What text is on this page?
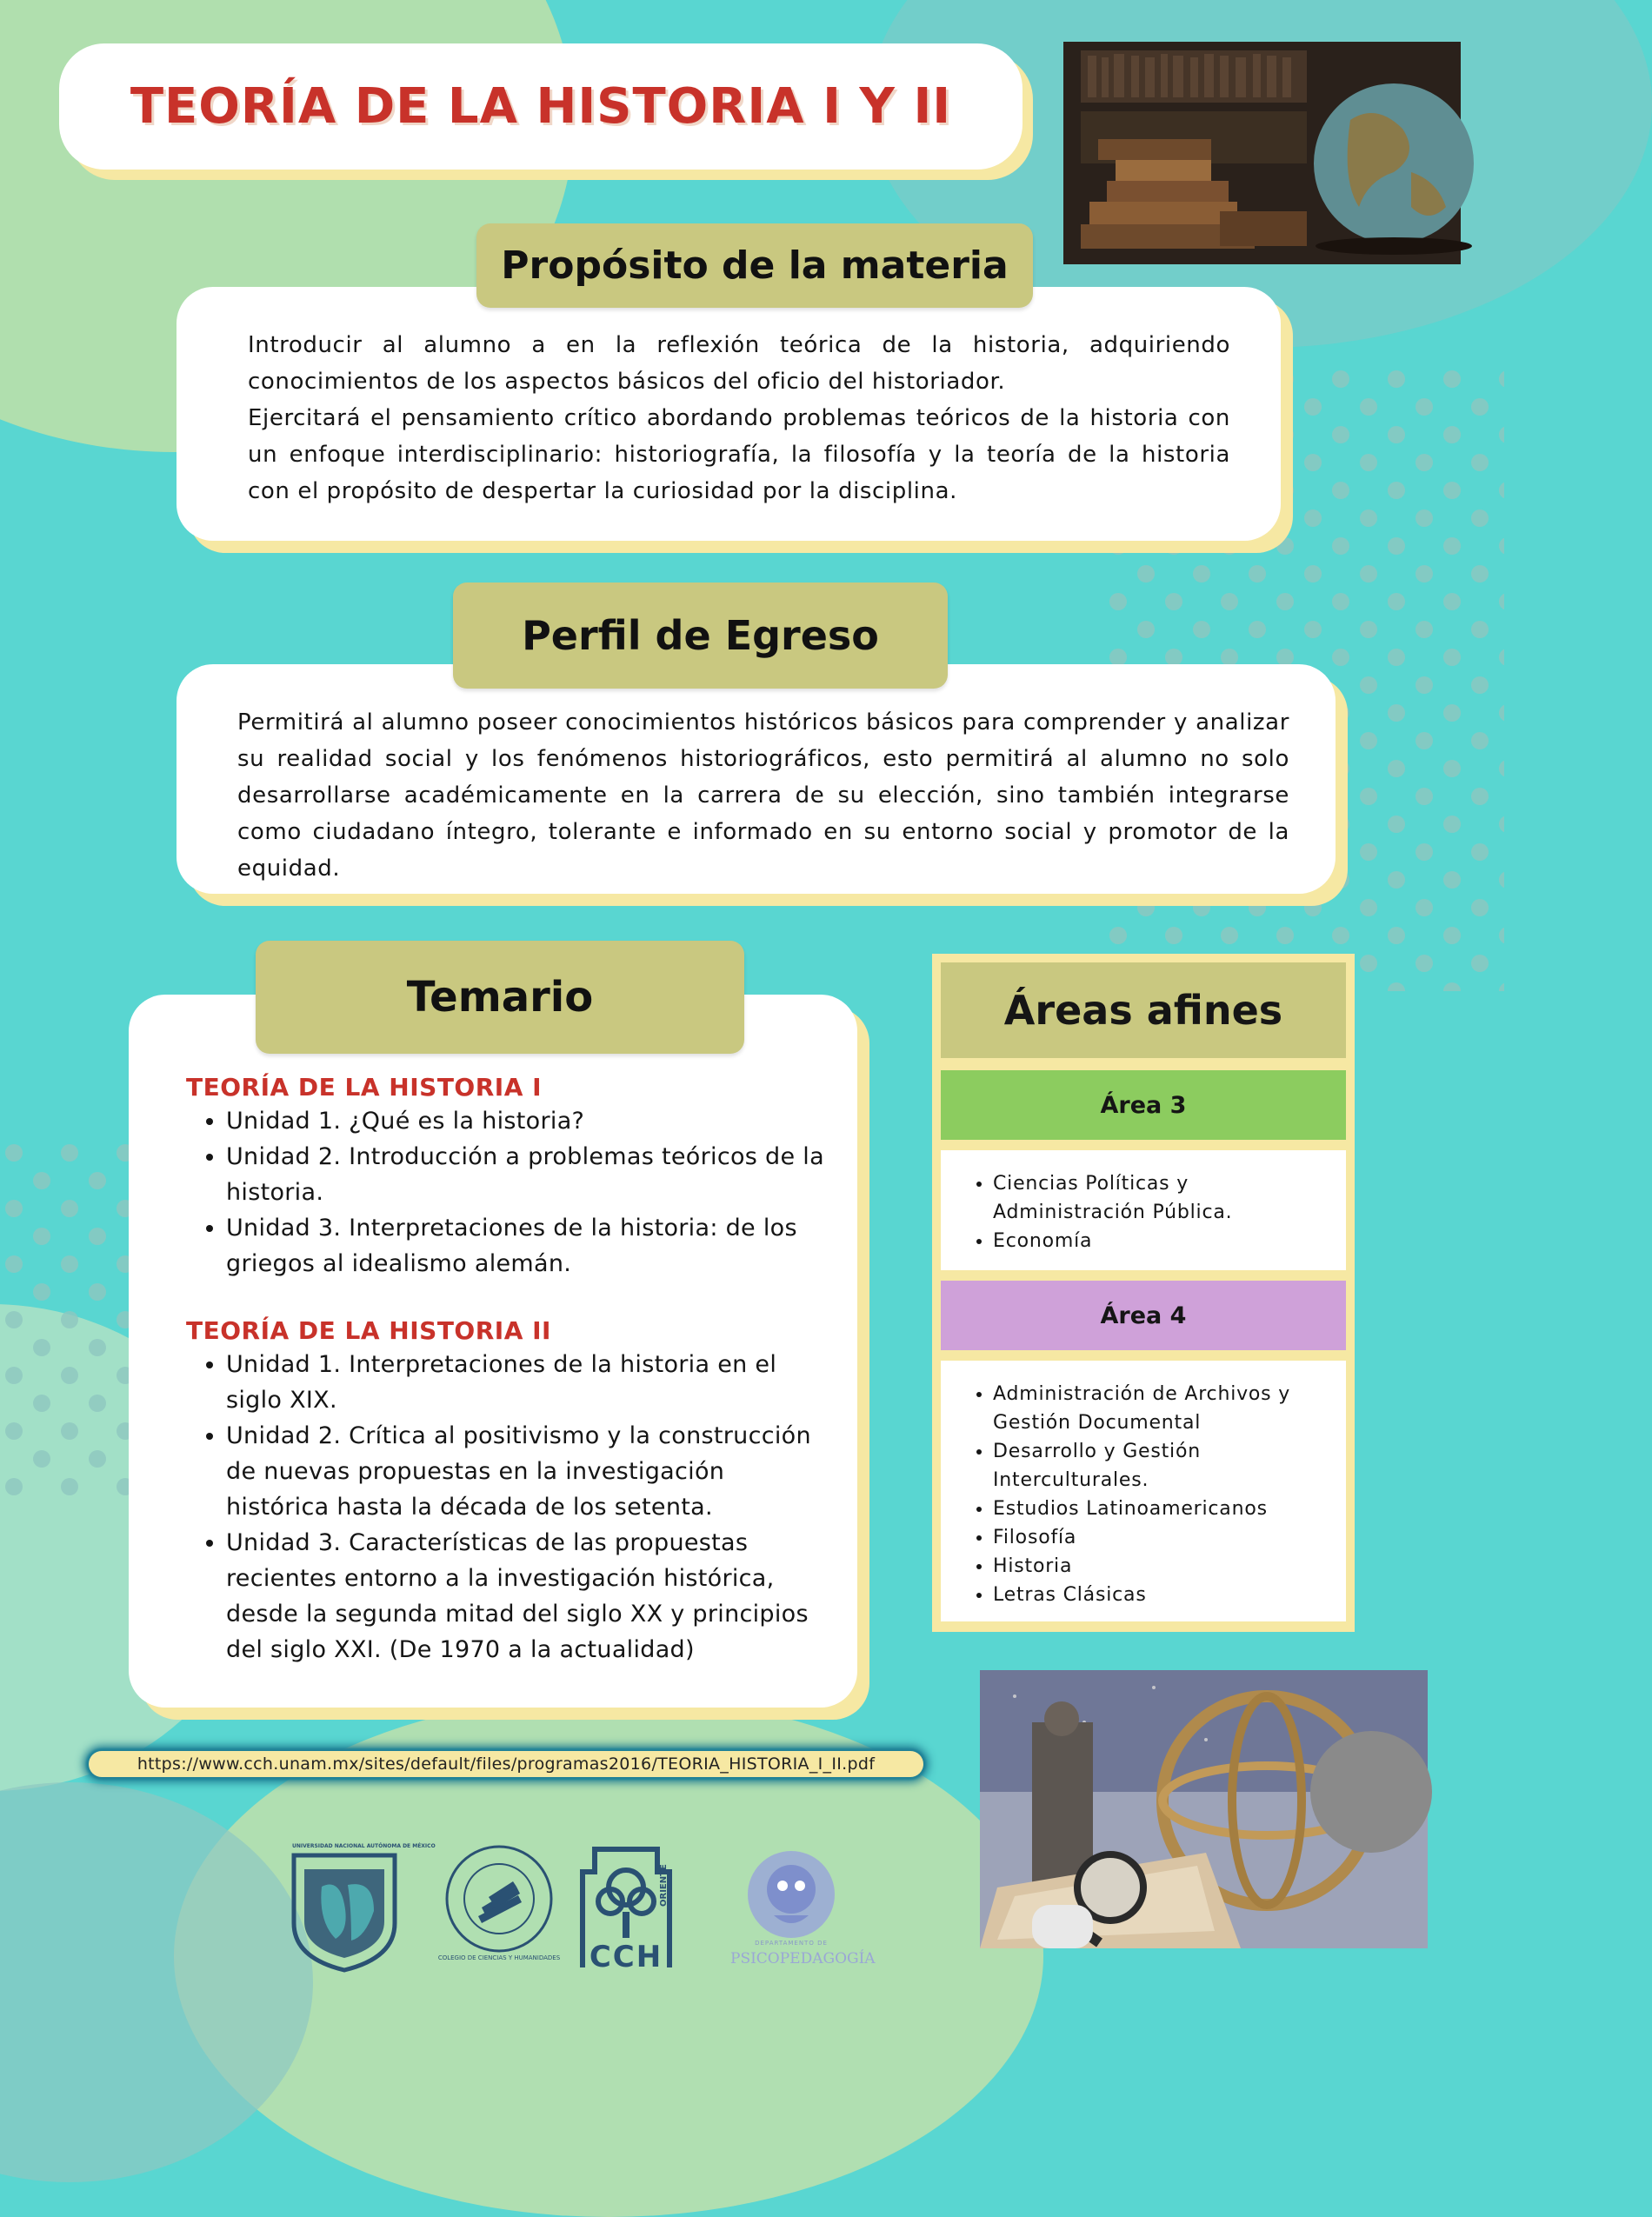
TEORÍA DE LA HISTORIA I Y II

Introducir al alumno a en la reflexión teórica de la historia, adquiriendo conocimientos de los aspectos básicos del oficio del historiador.

Ejercitará el pensamiento crítico abordando problemas teóricos de la historia con un enfoque interdisciplinario: historiografía, la filosofía y la teoría de la historia con el propósito de despertar la curiosidad por la disciplina.

Propósito de la materia

Permitirá al alumno poseer conocimientos históricos básicos para comprender y analizar su realidad social y los fenómenos historiográficos, esto permitirá al alumno no solo desarrollarse académicamente en la carrera de su elección, sino también integrarse como ciudadano íntegro, tolerante e informado en su entorno social y promotor de la equidad.

Perfil de Egreso

TEORÍA DE LA HISTORIA I

• Unidad 1. ¿Qué es la historia?
• Unidad 2. Introducción a problemas teóricos de la historia.
• Unidad 3. Interpretaciones de la historia: de los griegos al idealismo alemán.

TEORÍA DE LA HISTORIA II

• Unidad 1. Interpretaciones de la historia en el siglo XIX.
• Unidad 2. Crítica al positivismo y la construcción de nuevas propuestas en la investigación histórica hasta la década de los setenta.
• Unidad 3. Características de las propuestas recientes entorno a la investigación histórica, desde la segunda mitad del siglo XX y principios del siglo XXI. (De 1970 a la actualidad)
Temario	Áreas afines
Área 3
• Ciencias Políticas y Administración Pública.
• Economía
Área 4
• Administración de Archivos y Gestión Documental
• Desarrollo y Gestión Interculturales.
• Estudios Latinoamericanos
• Filosofía
• Historia
• Letras Clásicas
https://www.cch.unam.mx/sites/default/files/programas2016/TEORIA_HISTORIA_I_II.pdf
UNIVERSIDAD NACIONAL AUTÓNOMA DE MÉXICO
COLEGIO DE CIENCIAS Y HUMANIDADES CCH
ORIENTE
DEPARTAMENTO DE
PSICOPEDAGOGÍA
